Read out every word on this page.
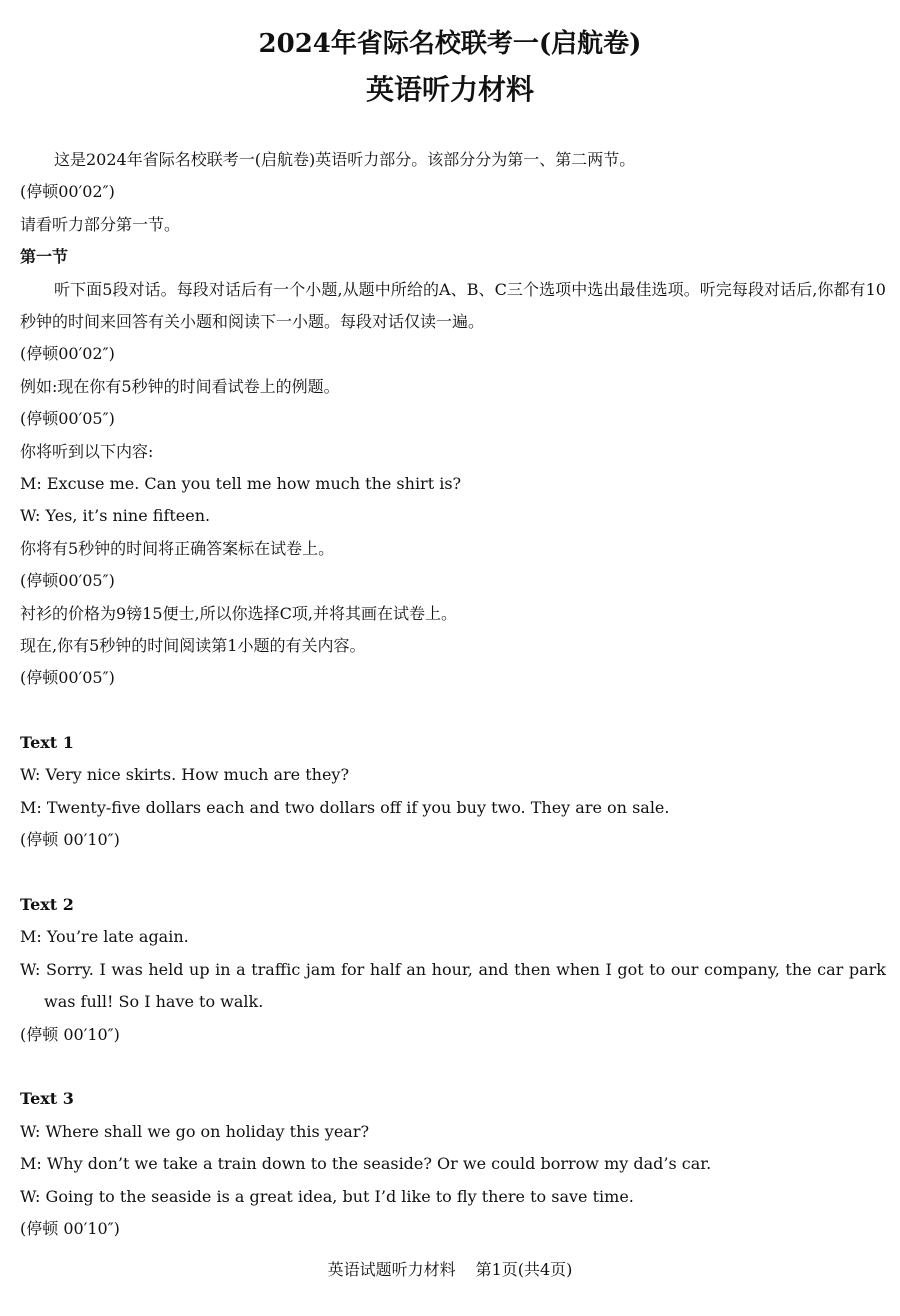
2024年省际名校联考一(启航卷)
英语听力材料
这是2024年省际名校联考一(启航卷)英语听力部分。该部分分为第一、第二两节。
(停顿00′02″)
请看听力部分第一节。
第一节
听下面5段对话。每段对话后有一个小题,从题中所给的A、B、C三个选项中选出最佳选项。听完每段对话后,你都有10秒钟的时间来回答有关小题和阅读下一小题。每段对话仅读一遍。
(停顿00′02″)
例如:现在你有5秒钟的时间看试卷上的例题。
(停顿00′05″)
你将听到以下内容:
M: Excuse me. Can you tell me how much the shirt is?
W: Yes, it’s nine fifteen.
你将有5秒钟的时间将正确答案标在试卷上。
(停顿00′05″)
衬衫的价格为9镑15便士,所以你选择C项,并将其画在试卷上。
现在,你有5秒钟的时间阅读第1小题的有关内容。
(停顿00′05″)
Text 1
W: Very nice skirts. How much are they?
M: Twenty-five dollars each and two dollars off if you buy two. They are on sale.
(停顿 00′10″)
Text 2
M: You’re late again.
W: Sorry. I was held up in a traffic jam for half an hour, and then when I got to our company, the car park was full! So I have to walk.
(停顿 00′10″)
Text 3
W: Where shall we go on holiday this year?
M: Why don’t we take a train down to the seaside? Or we could borrow my dad’s car.
W: Going to the seaside is a great idea, but I’d like to fly there to save time.
(停顿 00′10″)
英语试题听力材料 第1页(共4页)
